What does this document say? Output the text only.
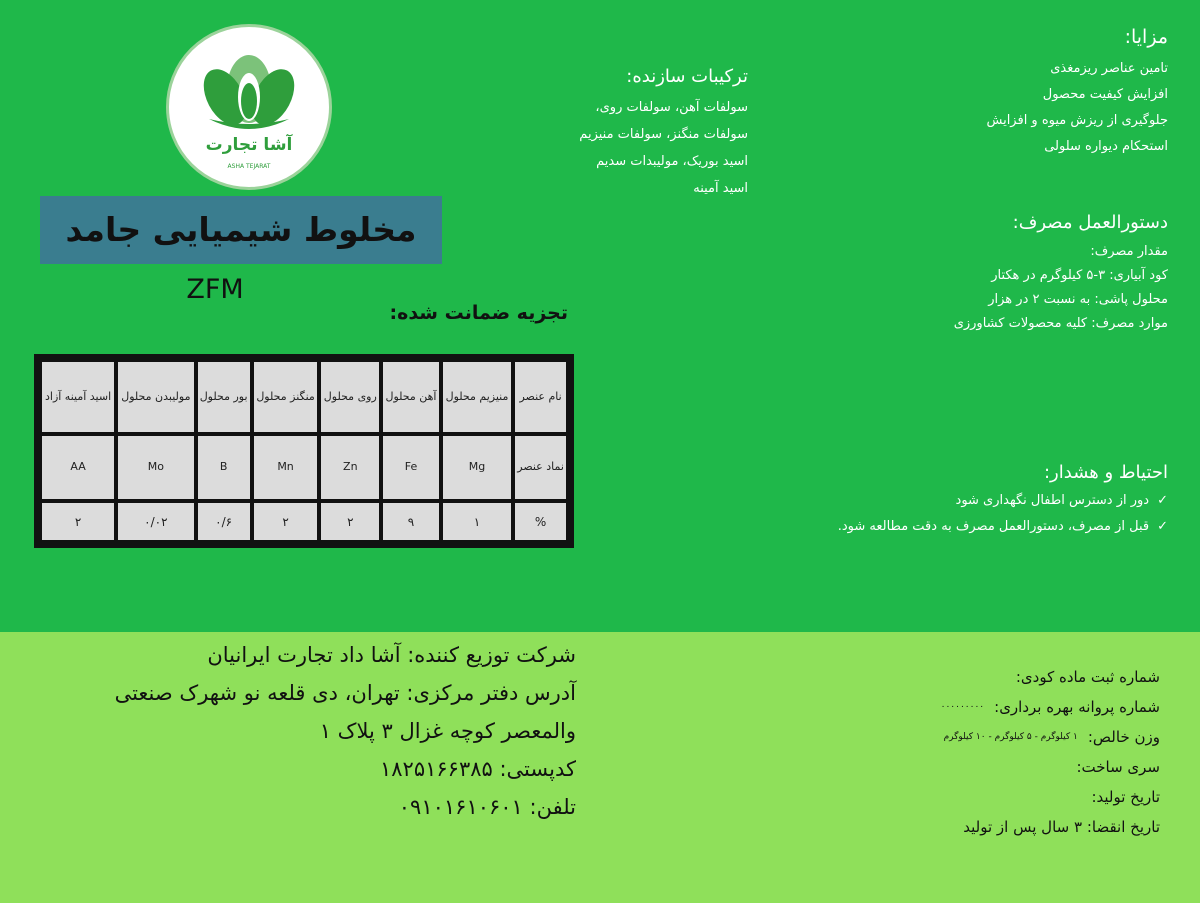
آشا تجارت
ASHA TEJARAT
مخلوط شیمیایی جامد
ZFM
ترکیبات سازنده:
سولفات آهن، سولفات روی،
سولفات منگنز، سولفات منیزیم
اسید بوریک، مولیبدات سدیم
اسید آمینه
تجزیه ضمانت شده:
نام عنصر	منیزیم محلول	آهن محلول	روی محلول	منگنز محلول	بور محلول	مولیبدن محلول	اسید آمینه آزاد
نماد عنصر	Mg	Fe	Zn	Mn	B	Mo	AA
%	۱	۹	۲	۲	۰/۶	۰/۰۲	۲
مزایا:
تامین عناصر ریزمغذی
افزایش کیفیت محصول
جلوگیری از ریزش میوه و افزایش
استحکام دیواره سلولی
دستورالعمل مصرف:
مقدار مصرف:
کود آبیاری: ۳-۵ کیلوگرم در هکتار
محلول پاشی: به نسبت ۲ در هزار
موارد مصرف: کلیه محصولات کشاورزی
احتیاط و هشدار:
✓
دور از دسترس اطفال نگهداری شود
✓
قبل از مصرف، دستورالعمل مصرف به دقت مطالعه شود.
شرکت توزیع کننده: آشا داد تجارت ایرانیان
آدرس دفتر مرکزی: تهران، دی قلعه نو شهرک صنعتی
والمعصر کوچه غزال ۳ پلاک ۱
کدپستی: ۱۸۲۵۱۶۶۳۸۵
تلفن: ۰۹۱۰۱۶۱۰۶۰۱
شماره ثبت ماده کودی:
شماره پروانه بهره برداری:
۰۰۰۰۰۰۰۰۰
وزن خالص:
۱ کیلوگرم - ۵ کیلوگرم - ۱۰ کیلوگرم
سری ساخت:
تاریخ تولید:
تاریخ انقضا: ۳ سال پس از تولید
